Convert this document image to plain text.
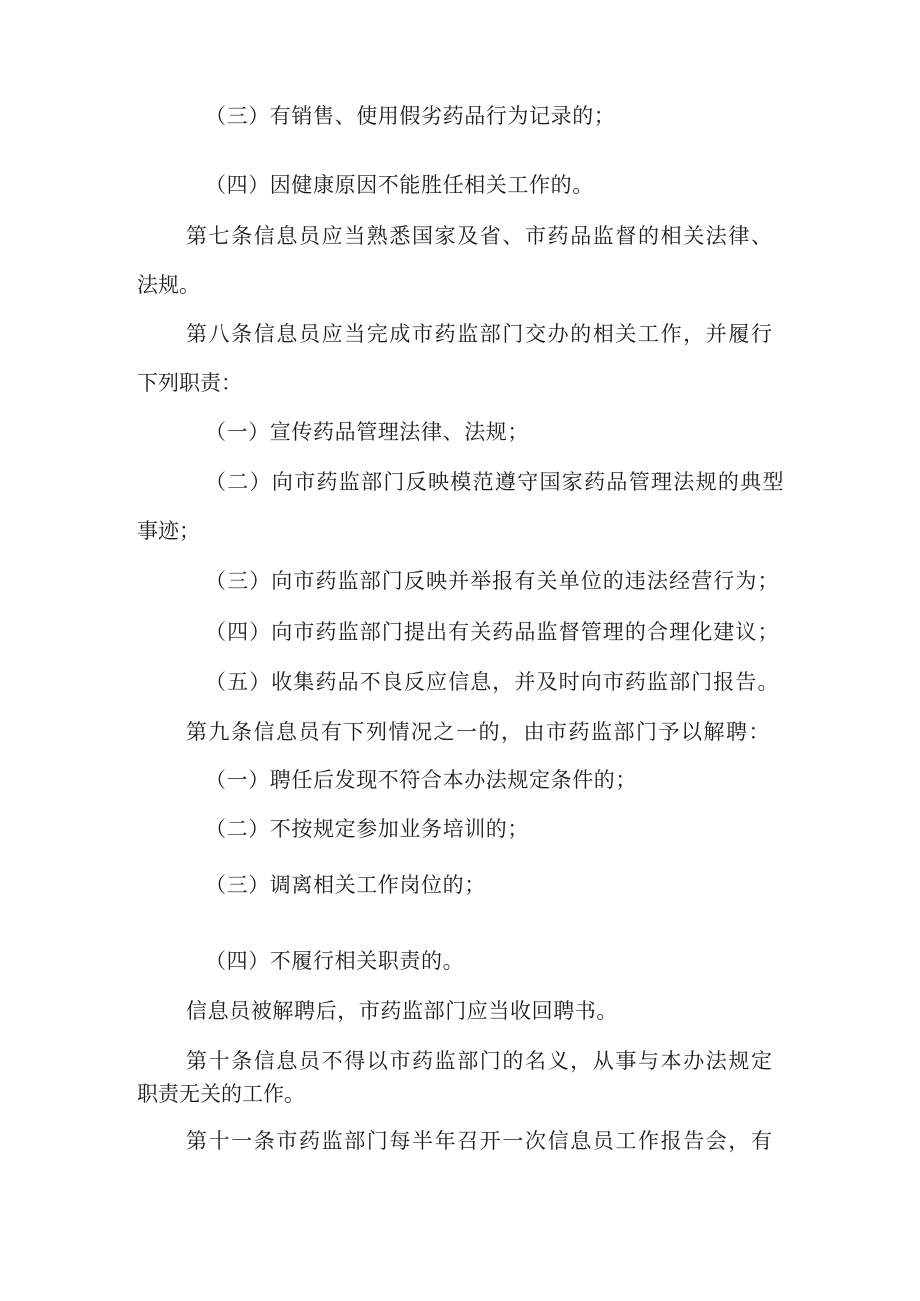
（三）有销售、使用假劣药品行为记录的；

（四）因健康原因不能胜任相关工作的。

第七条信息员应当熟悉国家及省、市药品监督的相关法律、

法规。

第八条信息员应当完成市药监部门交办的相关工作，并履行

下列职责：

（一）宣传药品管理法律、法规；

（二）向市药监部门反映模范遵守国家药品管理法规的典型

事迹；

（三）向市药监部门反映并举报有关单位的违法经营行为；

（四）向市药监部门提出有关药品监督管理的合理化建议；

（五）收集药品不良反应信息，并及时向市药监部门报告。

第九条信息员有下列情况之一的，由市药监部门予以解聘：

（一）聘任后发现不符合本办法规定条件的；

（二）不按规定参加业务培训的；

（三）调离相关工作岗位的；

（四）不履行相关职责的。

信息员被解聘后，市药监部门应当收回聘书。

第十条信息员不得以市药监部门的名义，从事与本办法规定

职责无关的工作。

第十一条市药监部门每半年召开一次信息员工作报告会，有
